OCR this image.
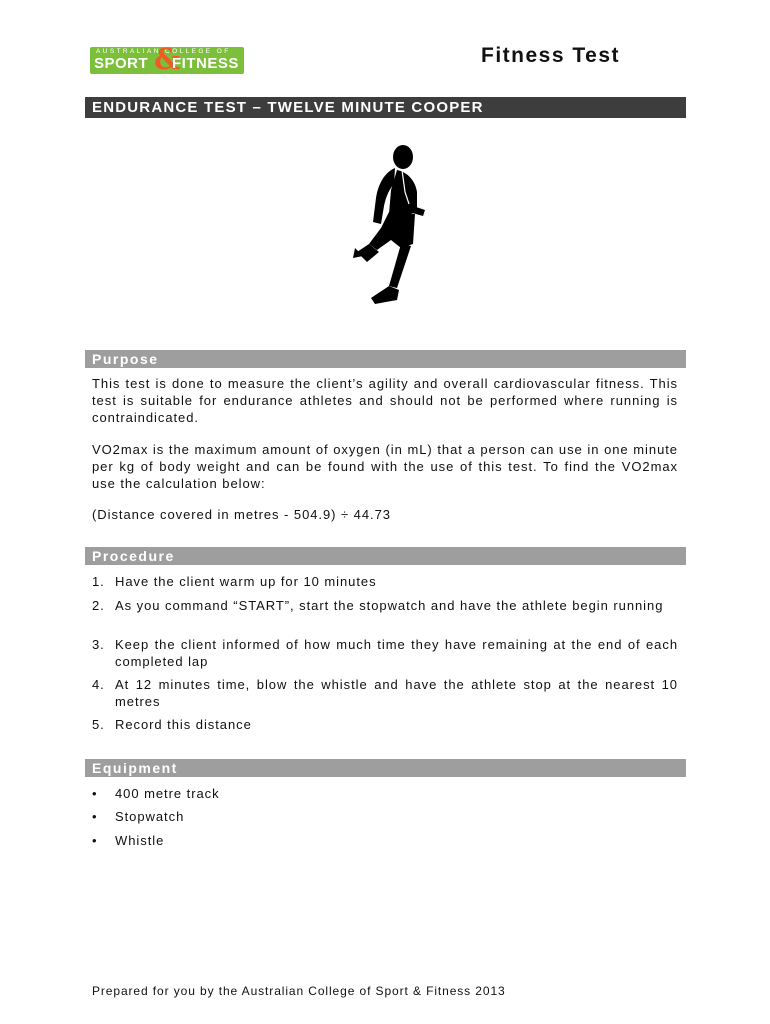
AUSTRALIAN COLLEGE OF
SPORT &
FITNESS	Fitness Test
ENDURANCE TEST – TWELVE MINUTE COOPER
Purpose

This test is done to measure the client’s agility and overall cardiovascular fitness. This test is suitable for endurance athletes and should not be performed where running is contraindicated.

VO2max is the maximum amount of oxygen (in mL) that a person can use in one minute per kg of body weight and can be found with the use of this test. To find the VO2max use the calculation below:

(Distance covered in metres - 504.9) ÷ 44.73

Procedure
1. Have the client warm up for 10 minutes
2. As you command “START”, start the stopwatch and have the athlete begin running
3. Keep the client informed of how much time they have remaining at the end of each completed lap
4. At 12 minutes time, blow the whistle and have the athlete stop at the nearest 10 metres
5. Record this distance
Equipment
• 400 metre track
• Stopwatch
• Whistle
Prepared for you by the Australian College of Sport & Fitness 2013
